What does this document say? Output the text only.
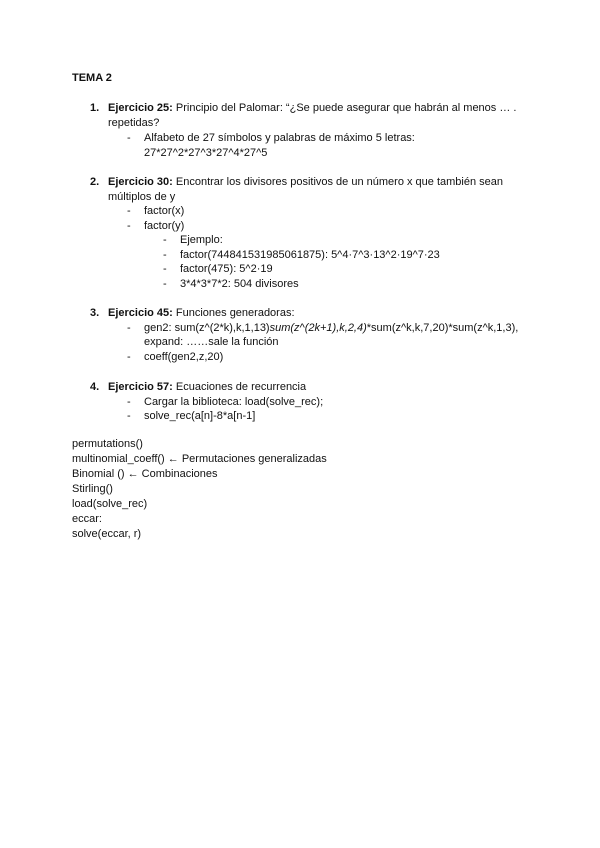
TEMA 2
1. Ejercicio 25: Principio del Palomar: “¿Se puede asegurar que habrán al menos … .
repetidas?
- Alfabeto de 27 símbolos y palabras de máximo 5 letras:
27*27^2*27^3*27^4*27^5
2. Ejercicio 30: Encontrar los divisores positivos de un número x que también sean
múltiplos de y
- factor(x)
- factor(y)
- Ejemplo:
- factor(744841531985061875): 5^4·7^3·13^2·19^7·23
- factor(475): 5^2·19
- 3*4*3*7*2: 504 divisores
3. Ejercicio 45: Funciones generadoras:
- gen2: sum(z^(2*k),k,1,13)sum(z^(2k+1),k,2,4)*sum(z^k,k,7,20)*sum(z^k,1,3),
expand: ……sale la función
- coeff(gen2,z,20)
4. Ejercicio 57: Ecuaciones de recurrencia
- Cargar la biblioteca: load(solve_rec);
- solve_rec(a[n]-8*a[n-1]
permutations()
multinomial_coeff() ← Permutaciones generalizadas
Binomial () ← Combinaciones
Stirling()
load(solve_rec)
eccar:
solve(eccar, r)
